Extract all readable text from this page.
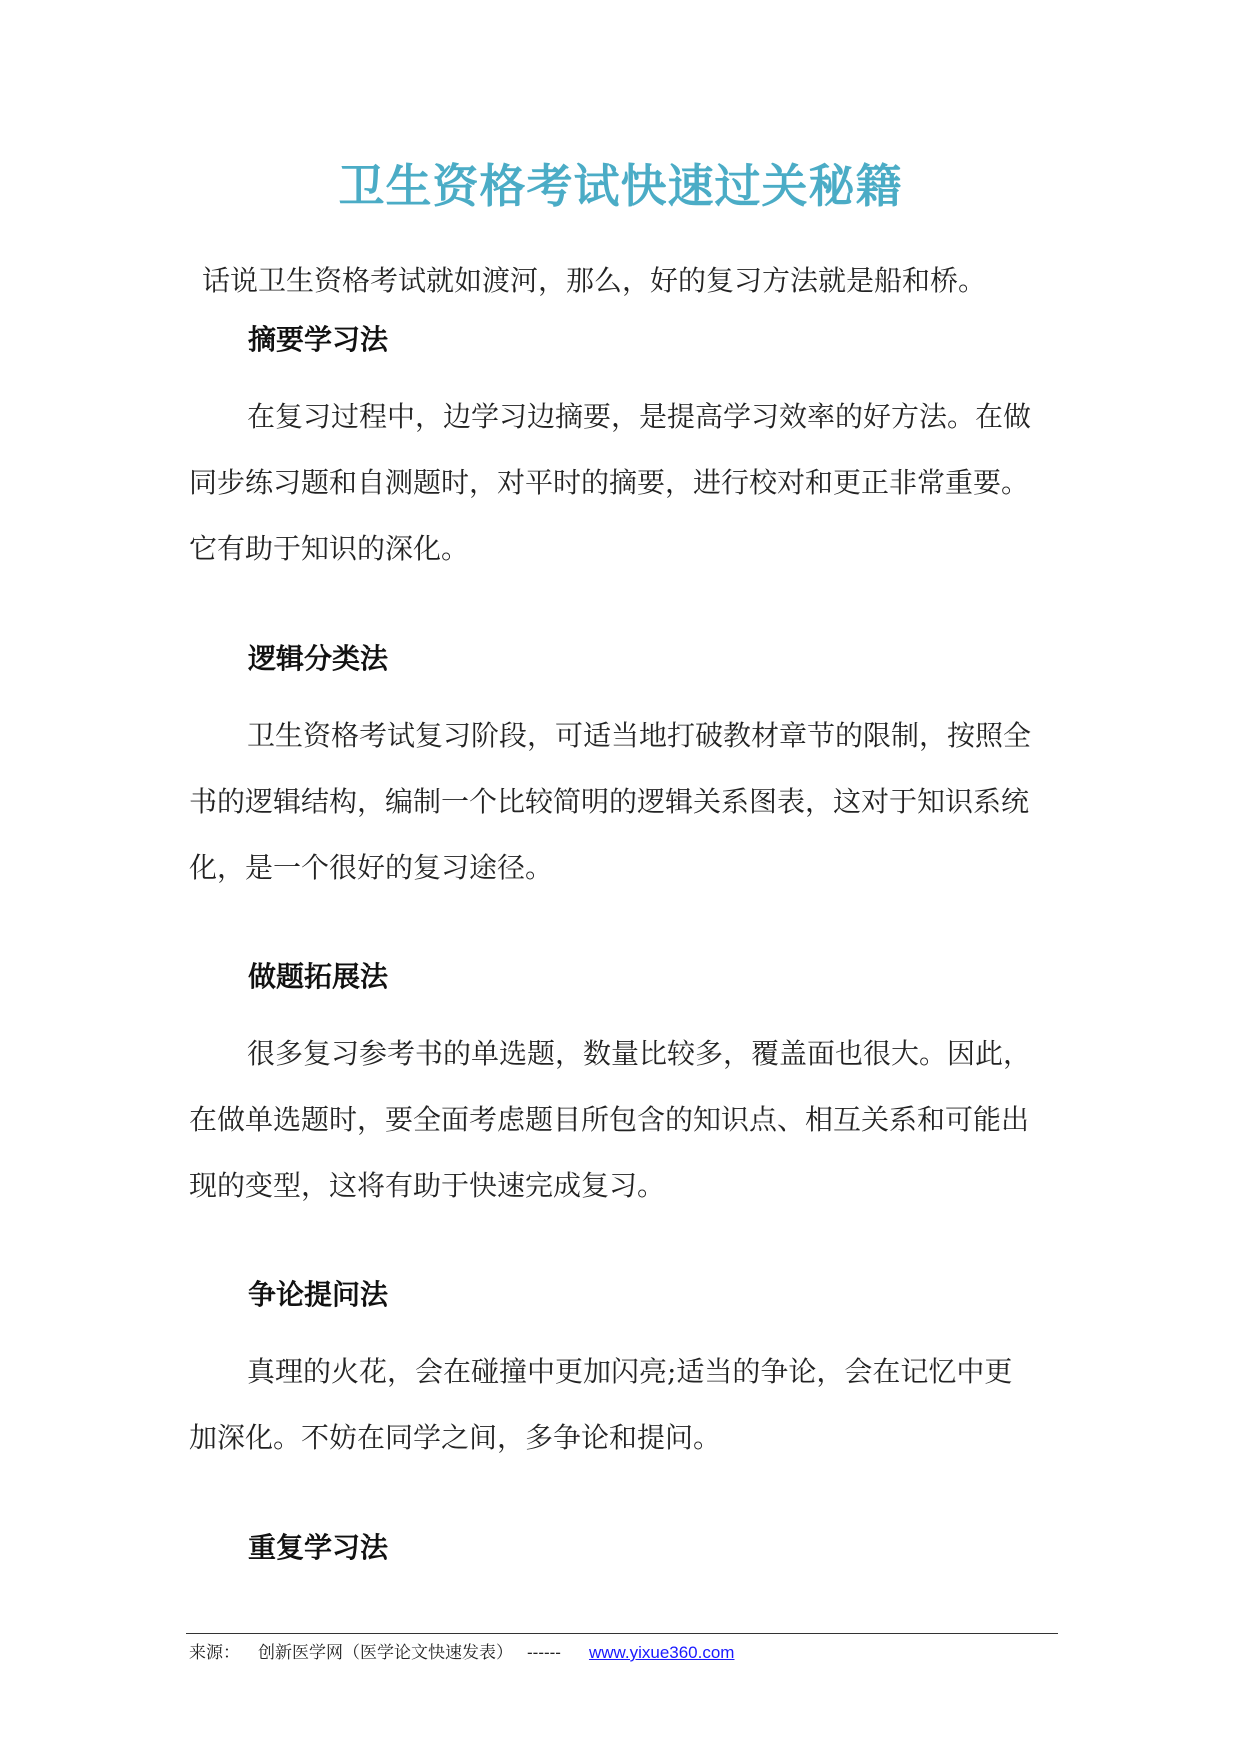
卫生资格考试快速过关秘籍
话说卫生资格考试就如渡河，那么，好的复习方法就是船和桥。
摘要学习法
在复习过程中，边学习边摘要，是提高学习效率的好方法。在做
同步练习题和自测题时，对平时的摘要，进行校对和更正非常重要。
它有助于知识的深化。
逻辑分类法
卫生资格考试复习阶段，可适当地打破教材章节的限制，按照全
书的逻辑结构，编制一个比较简明的逻辑关系图表，这对于知识系统
化，是一个很好的复习途径。
做题拓展法
很多复习参考书的单选题，数量比较多，覆盖面也很大。因此，
在做单选题时，要全面考虑题目所包含的知识点、相互关系和可能出
现的变型，这将有助于快速完成复习。
争论提问法
真理的火花，会在碰撞中更加闪亮;适当的争论，会在记忆中更
加深化。不妨在同学之间，多争论和提问。
重复学习法
来源： 创新医学网（医学论文快速发表） ------ www.yixue360.com
